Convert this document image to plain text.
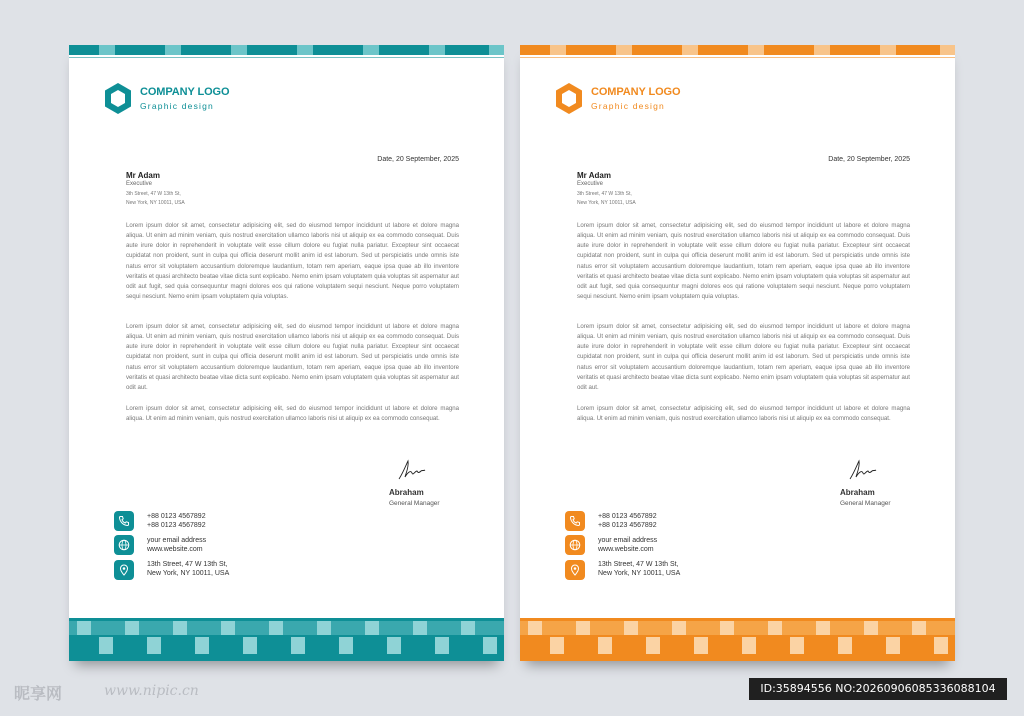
COMPANY LOGO
Graphic design
Date, 20 September, 2025
Mr Adam
Executive
3th Street, 47 W 13th St,
New York, NY 10011, USA

Lorem ipsum dolor sit amet, consectetur adipisicing elit, sed do eiusmod tempor incididunt ut labore et dolore magna aliqua. Ut enim ad minim veniam, quis nostrud exercitation ullamco laboris nisi ut aliquip ex ea commodo consequat. Duis aute irure dolor in reprehenderit in voluptate velit esse cillum dolore eu fugiat nulla pariatur. Excepteur sint occaecat cupidatat non proident, sunt in culpa qui officia deserunt mollit anim id est laborum. Sed ut perspiciatis unde omnis iste natus error sit voluptatem accusantium doloremque laudantium, totam rem aperiam, eaque ipsa quae ab illo inventore veritatis et quasi architecto beatae vitae dicta sunt explicabo. Nemo enim ipsam voluptatem quia voluptas sit aspernatur aut odit aut fugit, sed quia consequuntur magni dolores eos qui ratione voluptatem sequi nesciunt. Neque porro voluptatem sequi nesciunt. Nemo enim ipsam voluptatem quia voluptas.

Lorem ipsum dolor sit amet, consectetur adipisicing elit, sed do eiusmod tempor incididunt ut labore et dolore magna aliqua. Ut enim ad minim veniam, quis nostrud exercitation ullamco laboris nisi ut aliquip ex ea commodo consequat. Duis aute irure dolor in reprehenderit in voluptate velit esse cillum dolore eu fugiat nulla pariatur. Excepteur sint occaecat cupidatat non proident, sunt in culpa qui officia deserunt mollit anim id est laborum. Sed ut perspiciatis unde omnis iste natus error sit voluptatem accusantium doloremque laudantium, totam rem aperiam, eaque ipsa quae ab illo inventore veritatis et quasi architecto beatae vitae dicta sunt explicabo. Nemo enim ipsam voluptatem quia voluptas sit aspernatur aut odit aut.

Lorem ipsum dolor sit amet, consectetur adipisicing elit, sed do eiusmod tempor incididunt ut labore et dolore magna aliqua. Ut enim ad minim veniam, quis nostrud exercitation ullamco laboris nisi ut aliquip ex ea commodo consequat.

Abraham
General Manager
+88 0123 4567892
+88 0123 4567892
your email address
www.website.com
13th Street, 47 W 13th St,
New York, NY 10011, USA
COMPANY LOGO
Graphic design
Date, 20 September, 2025
Mr Adam
Executive
3th Street, 47 W 13th St,
New York, NY 10011, USA

Lorem ipsum dolor sit amet, consectetur adipisicing elit, sed do eiusmod tempor incididunt ut labore et dolore magna aliqua. Ut enim ad minim veniam, quis nostrud exercitation ullamco laboris nisi ut aliquip ex ea commodo consequat. Duis aute irure dolor in reprehenderit in voluptate velit esse cillum dolore eu fugiat nulla pariatur. Excepteur sint occaecat cupidatat non proident, sunt in culpa qui officia deserunt mollit anim id est laborum. Sed ut perspiciatis unde omnis iste natus error sit voluptatem accusantium doloremque laudantium, totam rem aperiam, eaque ipsa quae ab illo inventore veritatis et quasi architecto beatae vitae dicta sunt explicabo. Nemo enim ipsam voluptatem quia voluptas sit aspernatur aut odit aut fugit, sed quia consequuntur magni dolores eos qui ratione voluptatem sequi nesciunt. Neque porro voluptatem sequi nesciunt. Nemo enim ipsam voluptatem quia voluptas.

Lorem ipsum dolor sit amet, consectetur adipisicing elit, sed do eiusmod tempor incididunt ut labore et dolore magna aliqua. Ut enim ad minim veniam, quis nostrud exercitation ullamco laboris nisi ut aliquip ex ea commodo consequat. Duis aute irure dolor in reprehenderit in voluptate velit esse cillum dolore eu fugiat nulla pariatur. Excepteur sint occaecat cupidatat non proident, sunt in culpa qui officia deserunt mollit anim id est laborum. Sed ut perspiciatis unde omnis iste natus error sit voluptatem accusantium doloremque laudantium, totam rem aperiam, eaque ipsa quae ab illo inventore veritatis et quasi architecto beatae vitae dicta sunt explicabo. Nemo enim ipsam voluptatem quia voluptas sit aspernatur aut odit aut.

Lorem ipsum dolor sit amet, consectetur adipisicing elit, sed do eiusmod tempor incididunt ut labore et dolore magna aliqua. Ut enim ad minim veniam, quis nostrud exercitation ullamco laboris nisi ut aliquip ex ea commodo consequat.

Abraham
General Manager
+88 0123 4567892
+88 0123 4567892
your email address
www.website.com
13th Street, 47 W 13th St,
New York, NY 10011, USA
昵享网	www.nipic.cn	ID:35894556 NO:20260906085336088104
